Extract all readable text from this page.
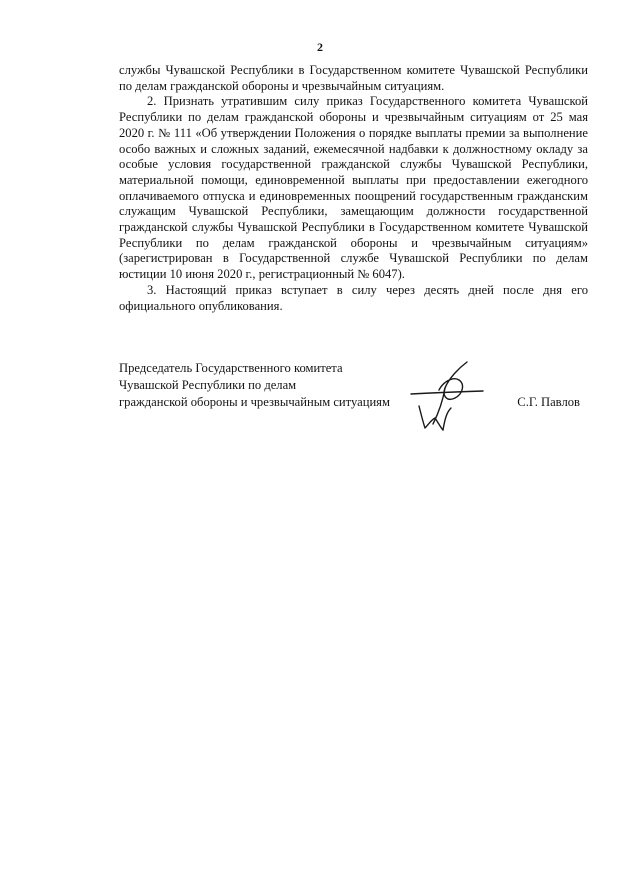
2

службы Чувашской Республики в Государственном комитете Чувашской Республики по делам гражданской обороны и чрезвычайным ситуациям.

2. Признать утратившим силу приказ Государственного комитета Чувашской Республики по делам гражданской обороны и чрезвычайным ситуациям от 25 мая 2020 г. № 111 «Об утверждении Положения о порядке выплаты премии за выполнение особо важных и сложных заданий, ежемесячной надбавки к должностному окладу за особые условия государственной гражданской службы Чувашской Республики, материальной помощи, единовременной выплаты при предоставлении ежегодного оплачиваемого отпуска и единовременных поощрений государственным гражданским служащим Чувашской Республики, замещающим должности государственной гражданской службы Чувашской Республики в Государственном комитете Чувашской Республики по делам гражданской обороны и чрезвычайным ситуациям» (зарегистрирован в Государственной службе Чувашской Республики по делам юстиции 10 июня 2020 г., регистрационный № 6047).

3. Настоящий приказ вступает в силу через десять дней после дня его официального опубликования.

Председатель Государственного комитета
Чувашской Республики по делам
гражданской обороны и чрезвычайным ситуациям	С.Г. Павлов
